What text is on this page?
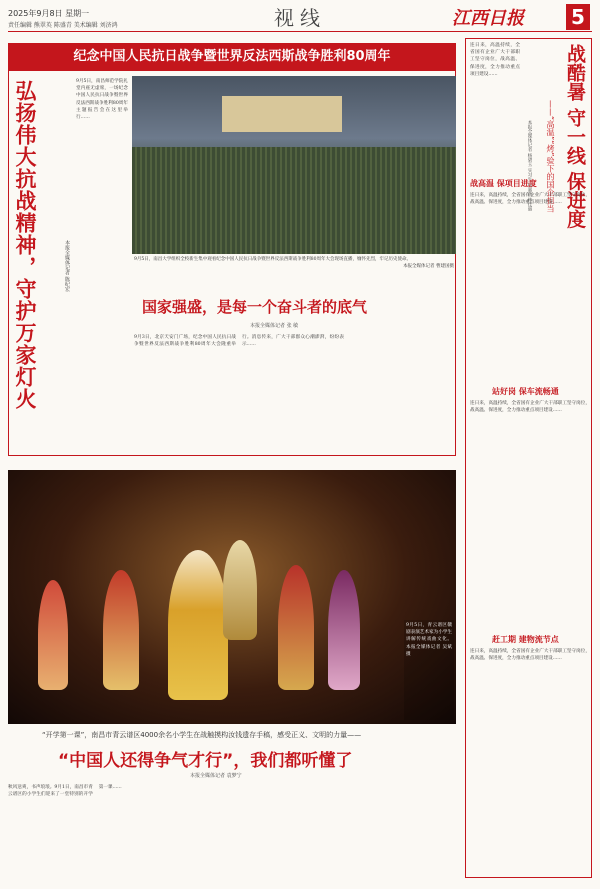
2025年9月8日 星期一
责任编辑 熊翠英 陈盛青 美术编辑 刘济鸿	视线	江西日报 5
纪念中国人民抗日战争暨世界反法西斯战争胜利80周年
弘扬伟大抗战精神，守护万家灯火	本报全媒体记者 陈纪宏
9月5日，南昌师范学院礼堂内座无虚席，一场纪念中国人民抗日战争暨世界反法西斯战争胜利80周年主题报告会在这里举行……
9月5日，南昌大学组织全校新生集中观看纪念中国人民抗日战争暨世界反法西斯战争胜利80周年大会现场直播，缅怀先烈，牢记历史使命。
本报全媒体记者 曹建国摄
国家强盛，是每一个奋斗者的底气
本报全媒体记者 张 敏
9月3日，北京天安门广场，纪念中国人民抗日战争暨世界反法西斯战争胜利80周年大会隆重举行。消息传来，广大干部群众心潮澎湃，纷纷表示……
9月5日，青云谱区赣剧表演艺术家为小学生讲解传统戏曲文化。 本报全媒体记者 吴斌摄
“开学第一课”，南昌市青云谱区4000余名小学生在战触摸构汝钱遗存手稿，感受正义、文明的力量——
“中国人还得争气才行”，我们都听懂了
本报全媒体记者 袁梦宁
秋风送爽，书声琅琅。9月1日，南昌市青云谱区的小学生们迎来了一堂特别的开学第一课……
连日来，高温持续，全省国有企业广大干部职工坚守岗位，战高温、保进度，全力推动重点项目建设……	战酷暑 守一线 保进度
——“高温”“烤”验下的国企担当
本报全媒体记者 杨碧玉 实习生 熊嘉欣 林佳丽
战高温 保项目进度
连日来，高温持续，全省国有企业广大干部职工坚守岗位，战高温、保进度，全力推动重点项目建设……
站好岗 保车流畅通
连日来，高温持续，全省国有企业广大干部职工坚守岗位，战高温、保进度，全力推动重点项目建设……
赶工期 建物流节点
连日来，高温持续，全省国有企业广大干部职工坚守岗位，战高温、保进度，全力推动重点项目建设……
